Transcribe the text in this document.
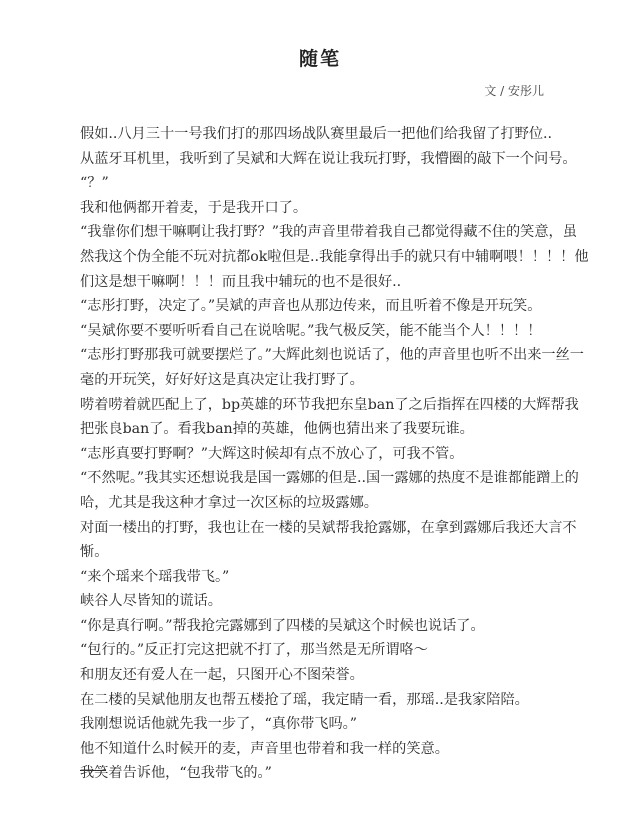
随笔
文 / 安彤儿

假如..八月三十一号我们打的那四场战队赛里最后一把他们给我留了打野位..

从蓝牙耳机里，我听到了吴斌和大辉在说让我玩打野，我懵圈的敲下一个问号。

“？”

我和他俩都开着麦，于是我开口了。

“我靠你们想干嘛啊让我打野？”我的声音里带着我自己都觉得藏不住的笑意，虽然我这个伪全能不玩对抗都ok啦但是..我能拿得出手的就只有中辅啊喂！！！！他们这是想干嘛啊！！！而且我中辅玩的也不是很好..

“志彤打野，决定了。”吴斌的声音也从那边传来，而且听着不像是开玩笑。

“吴斌你要不要听听看自己在说啥呢。”我气极反笑，能不能当个人！！！！

“志彤打野那我可就要摆烂了。”大辉此刻也说话了，他的声音里也听不出来一丝一毫的开玩笑，好好好这是真决定让我打野了。

唠着唠着就匹配上了，bp英雄的环节我把东皇ban了之后指挥在四楼的大辉帮我把张良ban了。看我ban掉的英雄，他俩也猜出来了我要玩谁。

“志彤真要打野啊？”大辉这时候却有点不放心了，可我不管。

“不然呢。”我其实还想说我是国一露娜的但是..国一露娜的热度不是谁都能蹭上的哈，尤其是我这种才拿过一次区标的垃圾露娜。

对面一楼出的打野，我也让在一楼的吴斌帮我抢露娜，在拿到露娜后我还大言不惭。

“来个瑶来个瑶我带飞。”

峡谷人尽皆知的谎话。

“你是真行啊。”帮我抢完露娜到了四楼的吴斌这个时候也说话了。

“包行的。”反正打完这把就不打了，那当然是无所谓咯～

和朋友还有爱人在一起，只图开心不图荣誉。

在二楼的吴斌他朋友也帮五楼抢了瑶，我定睛一看，那瑶..是我家陪陪。

我刚想说话他就先我一步了，“真你带飞吗。”

他不知道什么时候开的麦，声音里也带着和我一样的笑意。

我笑着告诉他，“包我带飞的。”
